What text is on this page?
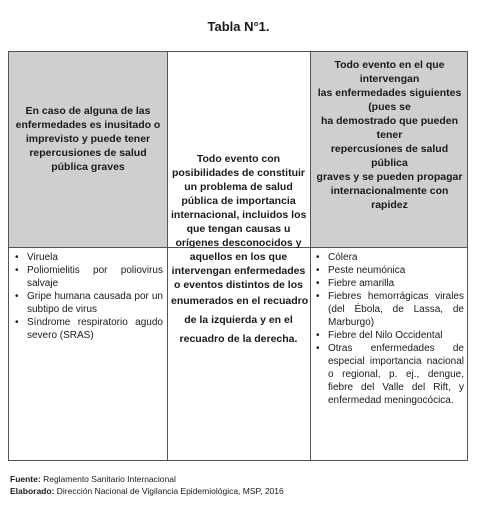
Tabla N°1.
En caso de alguna de las enfermedades es inusitado o imprevisto y puede tener repercusiones de salud pública graves
Todo evento en el que
intervengan
las enfermedades siguientes
(pues se
ha demostrado que pueden
tener
repercusiones de salud
pública
graves y se pueden propagar
internacionalmente con
rapidez
Todo evento con
posibilidades de constituir
un problema de salud
pública de importancia
internacional, incluidos los
que tengan causas u
orígenes desconocidos y
aquellos en los que
intervengan enfermedades
o eventos distintos de los
enumerados en el recuadro
de la izquierda y en el
recuadro de la derecha.
• Viruela
• Poliomielitis por poliovirus salvaje
• Gripe humana causada por un subtipo de virus
• Síndrome respiratorio agudo severo (SRAS)
• Cólera
• Peste neumónica
• Fiebre amarilla
• Fiebres hemorrágicas virales (del Ébola, de Lassa, de Marburgo)
• Fiebre del Nilo Occidental
• Otras enfermedades de especial importancia nacional o regional, p. ej., dengue, fiebre del Valle del Rift, y enfermedad meningocócica.
Fuente: Reglamento Sanitario Internacional
Elaborado: Dirección Nacional de Vigilancia Epidemiológica, MSP, 2016
